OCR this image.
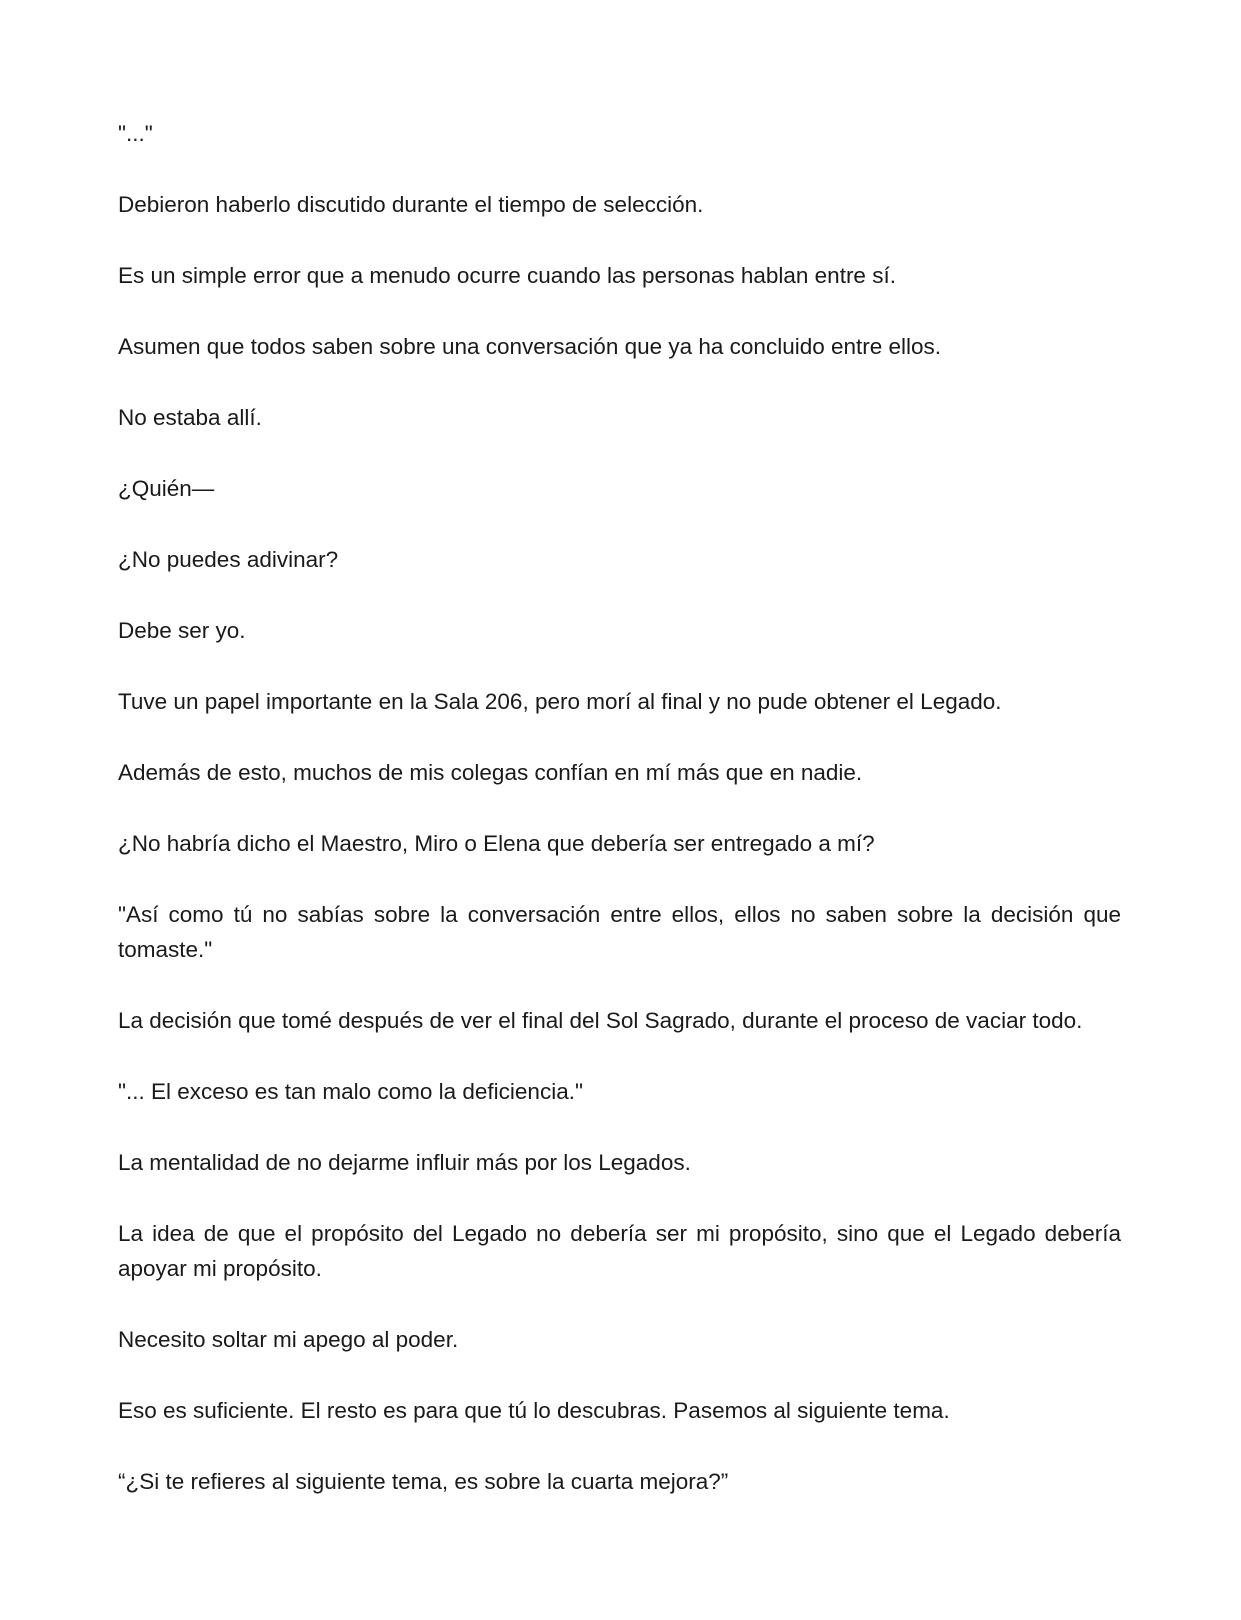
"..."

Debieron haberlo discutido durante el tiempo de selección.

Es un simple error que a menudo ocurre cuando las personas hablan entre sí.

Asumen que todos saben sobre una conversación que ya ha concluido entre ellos.

No estaba allí.

¿Quién—

¿No puedes adivinar?

Debe ser yo.

Tuve un papel importante en la Sala 206, pero morí al final y no pude obtener el Legado.

Además de esto, muchos de mis colegas confían en mí más que en nadie.

¿No habría dicho el Maestro, Miro o Elena que debería ser entregado a mí?

"Así como tú no sabías sobre la conversación entre ellos, ellos no saben sobre la decisión que tomaste."

La decisión que tomé después de ver el final del Sol Sagrado, durante el proceso de vaciar todo.

"... El exceso es tan malo como la deficiencia."

La mentalidad de no dejarme influir más por los Legados.

La idea de que el propósito del Legado no debería ser mi propósito, sino que el Legado debería apoyar mi propósito.

Necesito soltar mi apego al poder.

Eso es suficiente. El resto es para que tú lo descubras. Pasemos al siguiente tema.

“¿Si te refieres al siguiente tema, es sobre la cuarta mejora?”
